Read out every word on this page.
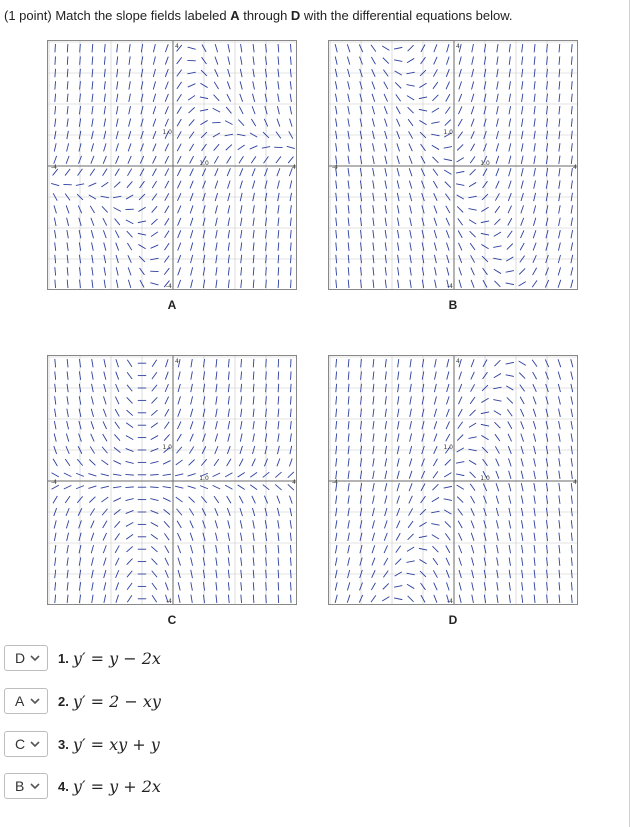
(1 point) Match the slope fields labeled A through D with the differential equations below.
4
-4
-4	4
1.0
1.0
A
4
-4
-4	4
1.0
1.0
B
4
-4
-4	4
1.0
1.0
C
4
-4
-4	4
1.0
1.0
D
D	1. y′ = y − 2x
A	2. y′ = 2 − xy
C	3. y′ = xy + y
B	4. y′ = y + 2x
